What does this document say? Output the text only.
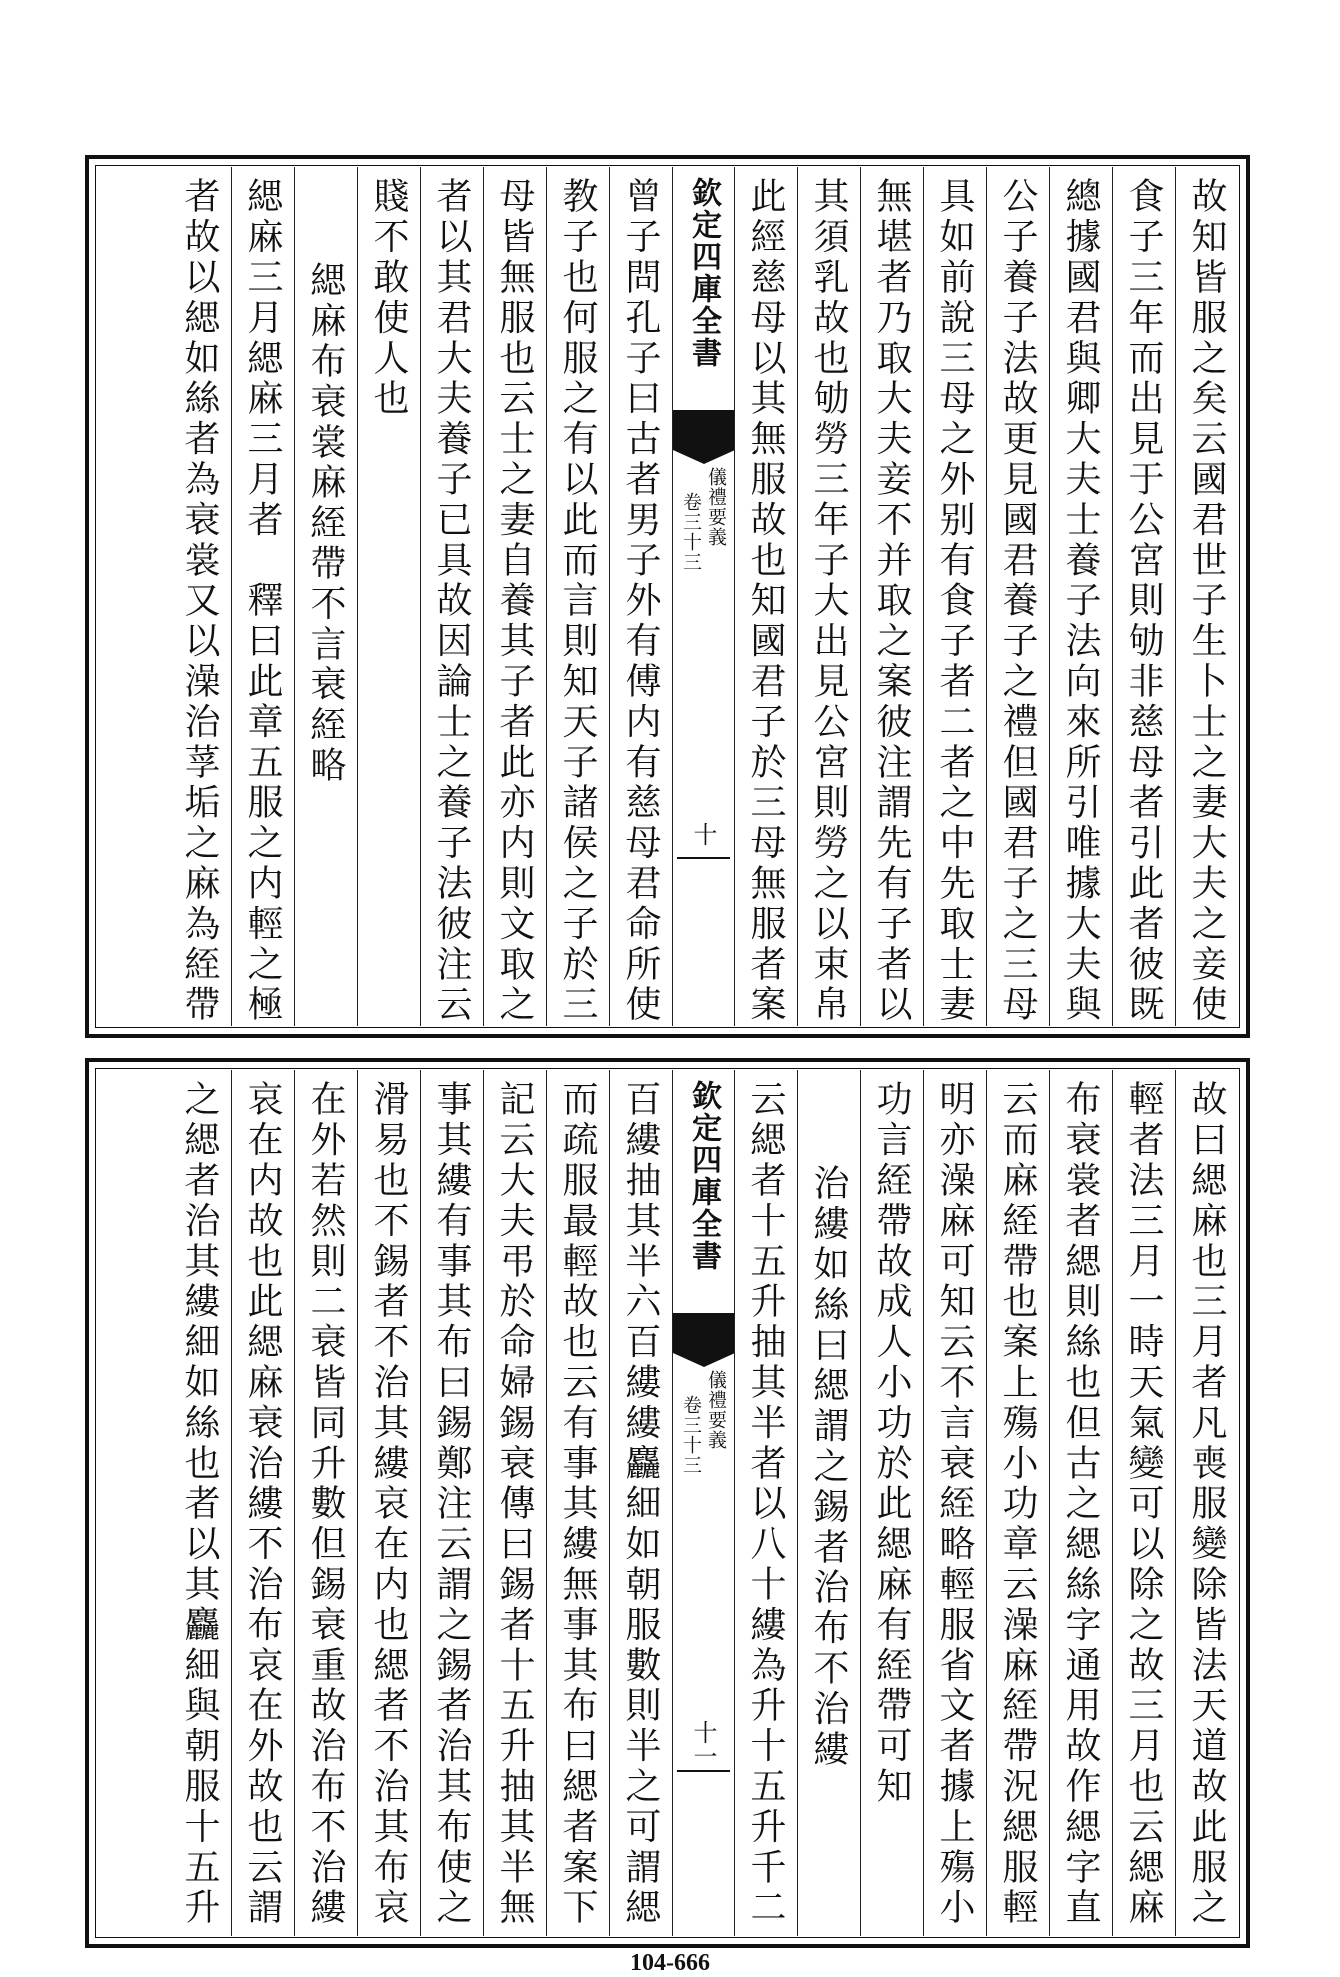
故知皆服之矣云國君世子生卜士之妻大夫之妾使
食子三年而出見于公宮則劬非慈母者引此者彼既
總據國君與卿大夫士養子法向來所引唯據大夫與
公子養子法故更見國君養子之禮但國君子之三母
具如前說三母之外别有食子者二者之中先取士妻
無堪者乃取大夫妾不并取之案彼注謂先有子者以
其須乳故也劬勞三年子大出見公宮則勞之以束帛
此經慈母以其無服故也知國君子於三母無服者案
欽定四庫全書
儀禮要義
卷三十三
十
曾子問孔子曰古者男子外有傅内有慈母君命所使
教子也何服之有以此而言則知天子諸侯之子於三
母皆無服也云士之妻自養其子者此亦内則文取之
者以其君大夫養子已具故因論士之養子法彼注云
賤不敢使人也
緦麻布衰裳麻絰帶不言衰絰略
緦麻三月緦麻三月者　釋曰此章五服之内輕之極
者故以緦如絲者為衰裳又以澡治莩垢之麻為絰帶
故曰緦麻也三月者凡喪服變除皆法天道故此服之
輕者法三月一時天氣變可以除之故三月也云緦麻
布衰裳者緦則絲也但古之緦絲字通用故作緦字直
云而麻絰帶也案上殤小功章云澡麻絰帶況緦服輕
明亦澡麻可知云不言衰絰略輕服省文者據上殤小
功言絰帶故成人小功於此緦麻有絰帶可知
治縷如絲曰緦謂之錫者治布不治縷
云緦者十五升抽其半者以八十縷為升十五升千二
欽定四庫全書
儀禮要義
卷三十三
十一
百縷抽其半六百縷縷麤細如朝服數則半之可謂緦
而疏服最輕故也云有事其縷無事其布曰緦者案下
記云大夫弔於命婦錫衰傳曰錫者十五升抽其半無
事其縷有事其布曰錫鄭注云謂之錫者治其布使之
滑易也不錫者不治其縷哀在内也緦者不治其布哀
在外若然則二衰皆同升數但錫衰重故治布不治縷
哀在内故也此緦麻衰治縷不治布哀在外故也云謂
之緦者治其縷細如絲也者以其麤細與朝服十五升
104-666
